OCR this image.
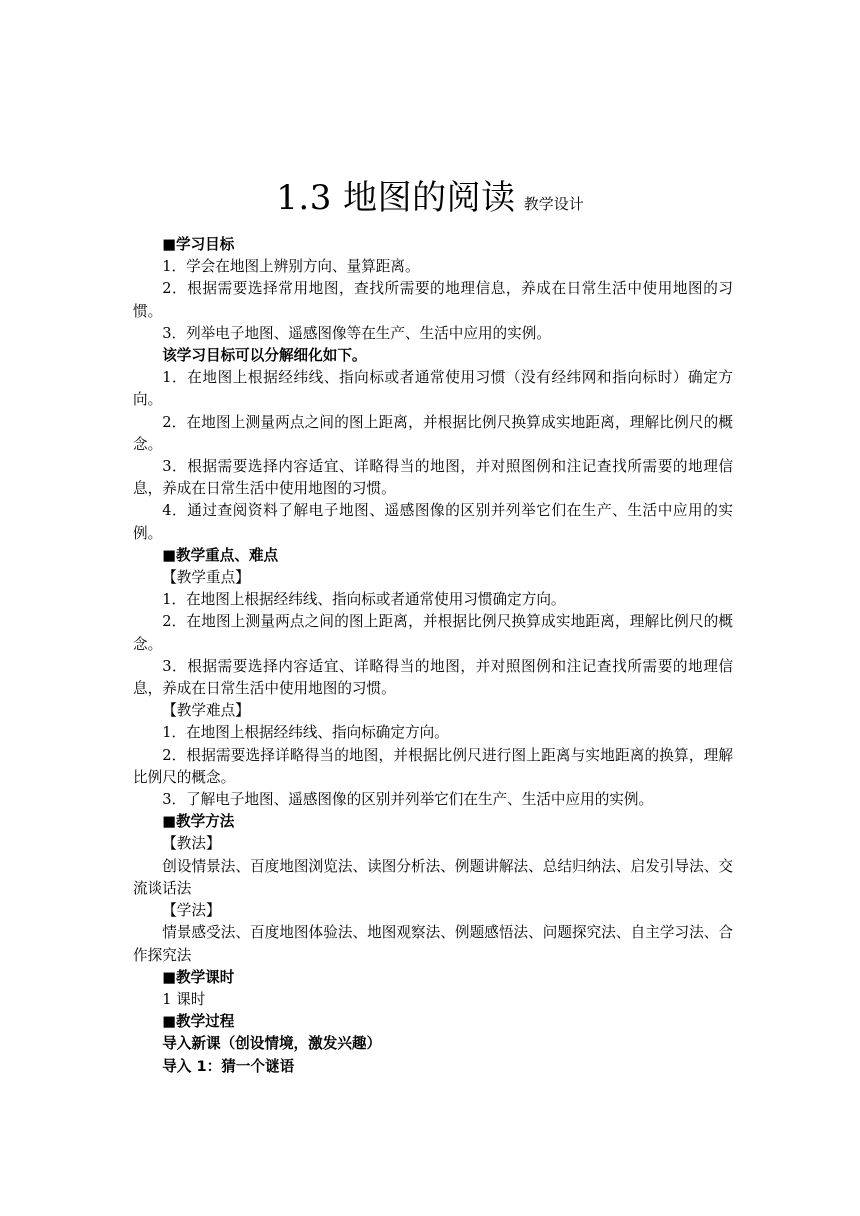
1.3 地图的阅读 教学设计

■学习目标

1．学会在地图上辨别方向、量算距离。

2．根据需要选择常用地图，查找所需要的地理信息，养成在日常生活中使用地图的习惯。

3．列举电子地图、遥感图像等在生产、生活中应用的实例。

该学习目标可以分解细化如下。

1．在地图上根据经纬线、指向标或者通常使用习惯（没有经纬网和指向标时）确定方向。

2．在地图上测量两点之间的图上距离，并根据比例尺换算成实地距离，理解比例尺的概念。

3．根据需要选择内容适宜、详略得当的地图，并对照图例和注记查找所需要的地理信息，养成在日常生活中使用地图的习惯。

4．通过查阅资料了解电子地图、遥感图像的区别并列举它们在生产、生活中应用的实例。

■教学重点、难点

【教学重点】

1．在地图上根据经纬线、指向标或者通常使用习惯确定方向。

2．在地图上测量两点之间的图上距离，并根据比例尺换算成实地距离，理解比例尺的概念。

3．根据需要选择内容适宜、详略得当的地图，并对照图例和注记查找所需要的地理信息，养成在日常生活中使用地图的习惯。

【教学难点】

1．在地图上根据经纬线、指向标确定方向。

2．根据需要选择详略得当的地图，并根据比例尺进行图上距离与实地距离的换算，理解比例尺的概念。

3．了解电子地图、遥感图像的区别并列举它们在生产、生活中应用的实例。

■教学方法

【教法】

创设情景法、百度地图浏览法、读图分析法、例题讲解法、总结归纳法、启发引导法、交流谈话法

【学法】

情景感受法、百度地图体验法、地图观察法、例题感悟法、问题探究法、自主学习法、合作探究法

■教学课时

1 课时

■教学过程

导入新课（创设情境，激发兴趣）

导入 1：猜一个谜语
